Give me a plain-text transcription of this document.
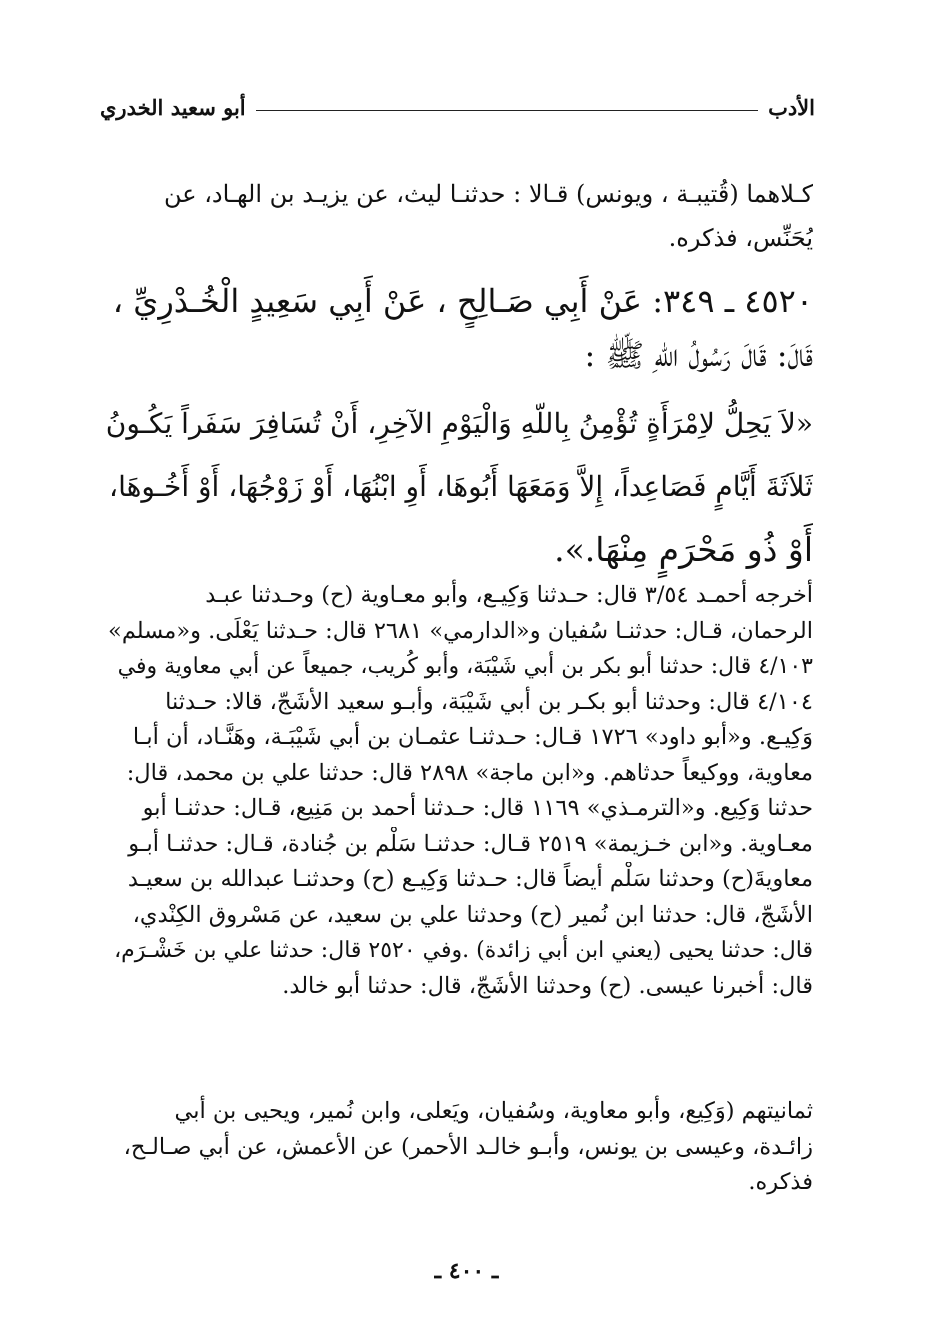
الأدب
أبو سعيد الخدري
كـلاهما (قُتيبـة ، ويونس) قـالا : حدثنـا ليث، عن يزيـد بن الهـاد، عن
يُحَنِّس، فذكره.
٤٥٢٠ ـ ٣٤٩: عَنْ أَبِي صَـالِحٍ ، عَنْ أَبِي سَعِيدٍ الْخُـدْرِيِّ ،
قَالَ: قَالَ رَسُولُ اللّهِ ﷺ :
«لاَ يَحِلُّ لاِمْرَأَةٍ تُؤْمِنُ بِاللّهِ وَالْيَوْمِ الآخِرِ، أَنْ تُسَافِرَ سَفَراً يَكُـونُ
ثَلاَثَةَ أَيَّامٍ فَصَاعِداً، إِلاَّ وَمَعَهَا أَبُوهَا، أَوِ ابْنُهَا، أَوْ زَوْجُهَا، أَوْ أَخُـوهَا،
أَوْ ذُو مَحْرَمٍ مِنْهَا.».
أخرجه أحمـد ٣/٥٤ قال: حـدثنا وَكِيـع، وأبو معـاوية (ح) وحـدثنا عبـد
الرحمان، قـال: حدثنـا سُفيان و«الدارمي» ٢٦٨١ قال: حـدثنا يَعْلَى. و«مسلم»
٤/١٠٣ قال: حدثنا أبو بكر بن أبي شَيْبَة، وأبو كُريب، جميعاً عن أبي معاوية وفي
٤/١٠٤ قال: وحدثنا أبو بكـر بن أبي شَيْبَة، وأبـو سعيد الأشَجّ، قالا: حـدثنا
وَكِيـع. و«أبو داود» ١٧٢٦ قـال: حـدثنـا عثمـان بن أبي شَيْبَـة، وهَنَّـاد، أن أبـا
معاوية، ووكيعاً حدثاهم. و«ابن ماجة» ٢٨٩٨ قال: حدثنا علي بن محمد، قال:
حدثنا وَكِيع. و«الترمـذي» ١١٦٩ قال: حـدثنا أحمد بن مَنِيع، قـال: حدثنـا أبو
معـاوية. و«ابن خـزيمة» ٢٥١٩ قـال: حدثنـا سَلْم بن جُنادة، قـال: حدثنـا أبـو
معاويةَ(ح) وحدثنا سَلْم أيضاً قال: حـدثنا وَكِيـع (ح) وحدثنـا عبدالله بن سعيـد
الأشَجّ، قال: حدثنا ابن نُمير (ح) وحدثنا علي بن سعيد، عن مَسْروق الكِنْدي،
قال: حدثنا يحيى (يعني ابن أبي زائدة) .وفي ٢٥٢٠ قال: حدثنا علي بن خَشْـرَم،
قال: أخبرنا عيسى. (ح) وحدثنا الأشَجّ، قال: حدثنا أبو خالد.
ثمانيتهم (وَكِيع، وأبو معاوية، وسُفيان، ويَعلى، وابن نُمير، ويحيى بن أبي
زائـدة، وعيسى بن يونس، وأبـو خالـد الأحمر) عن الأعمش، عن أبي صـالـح،
فذكره.
ـ ٤٠٠ ـ
